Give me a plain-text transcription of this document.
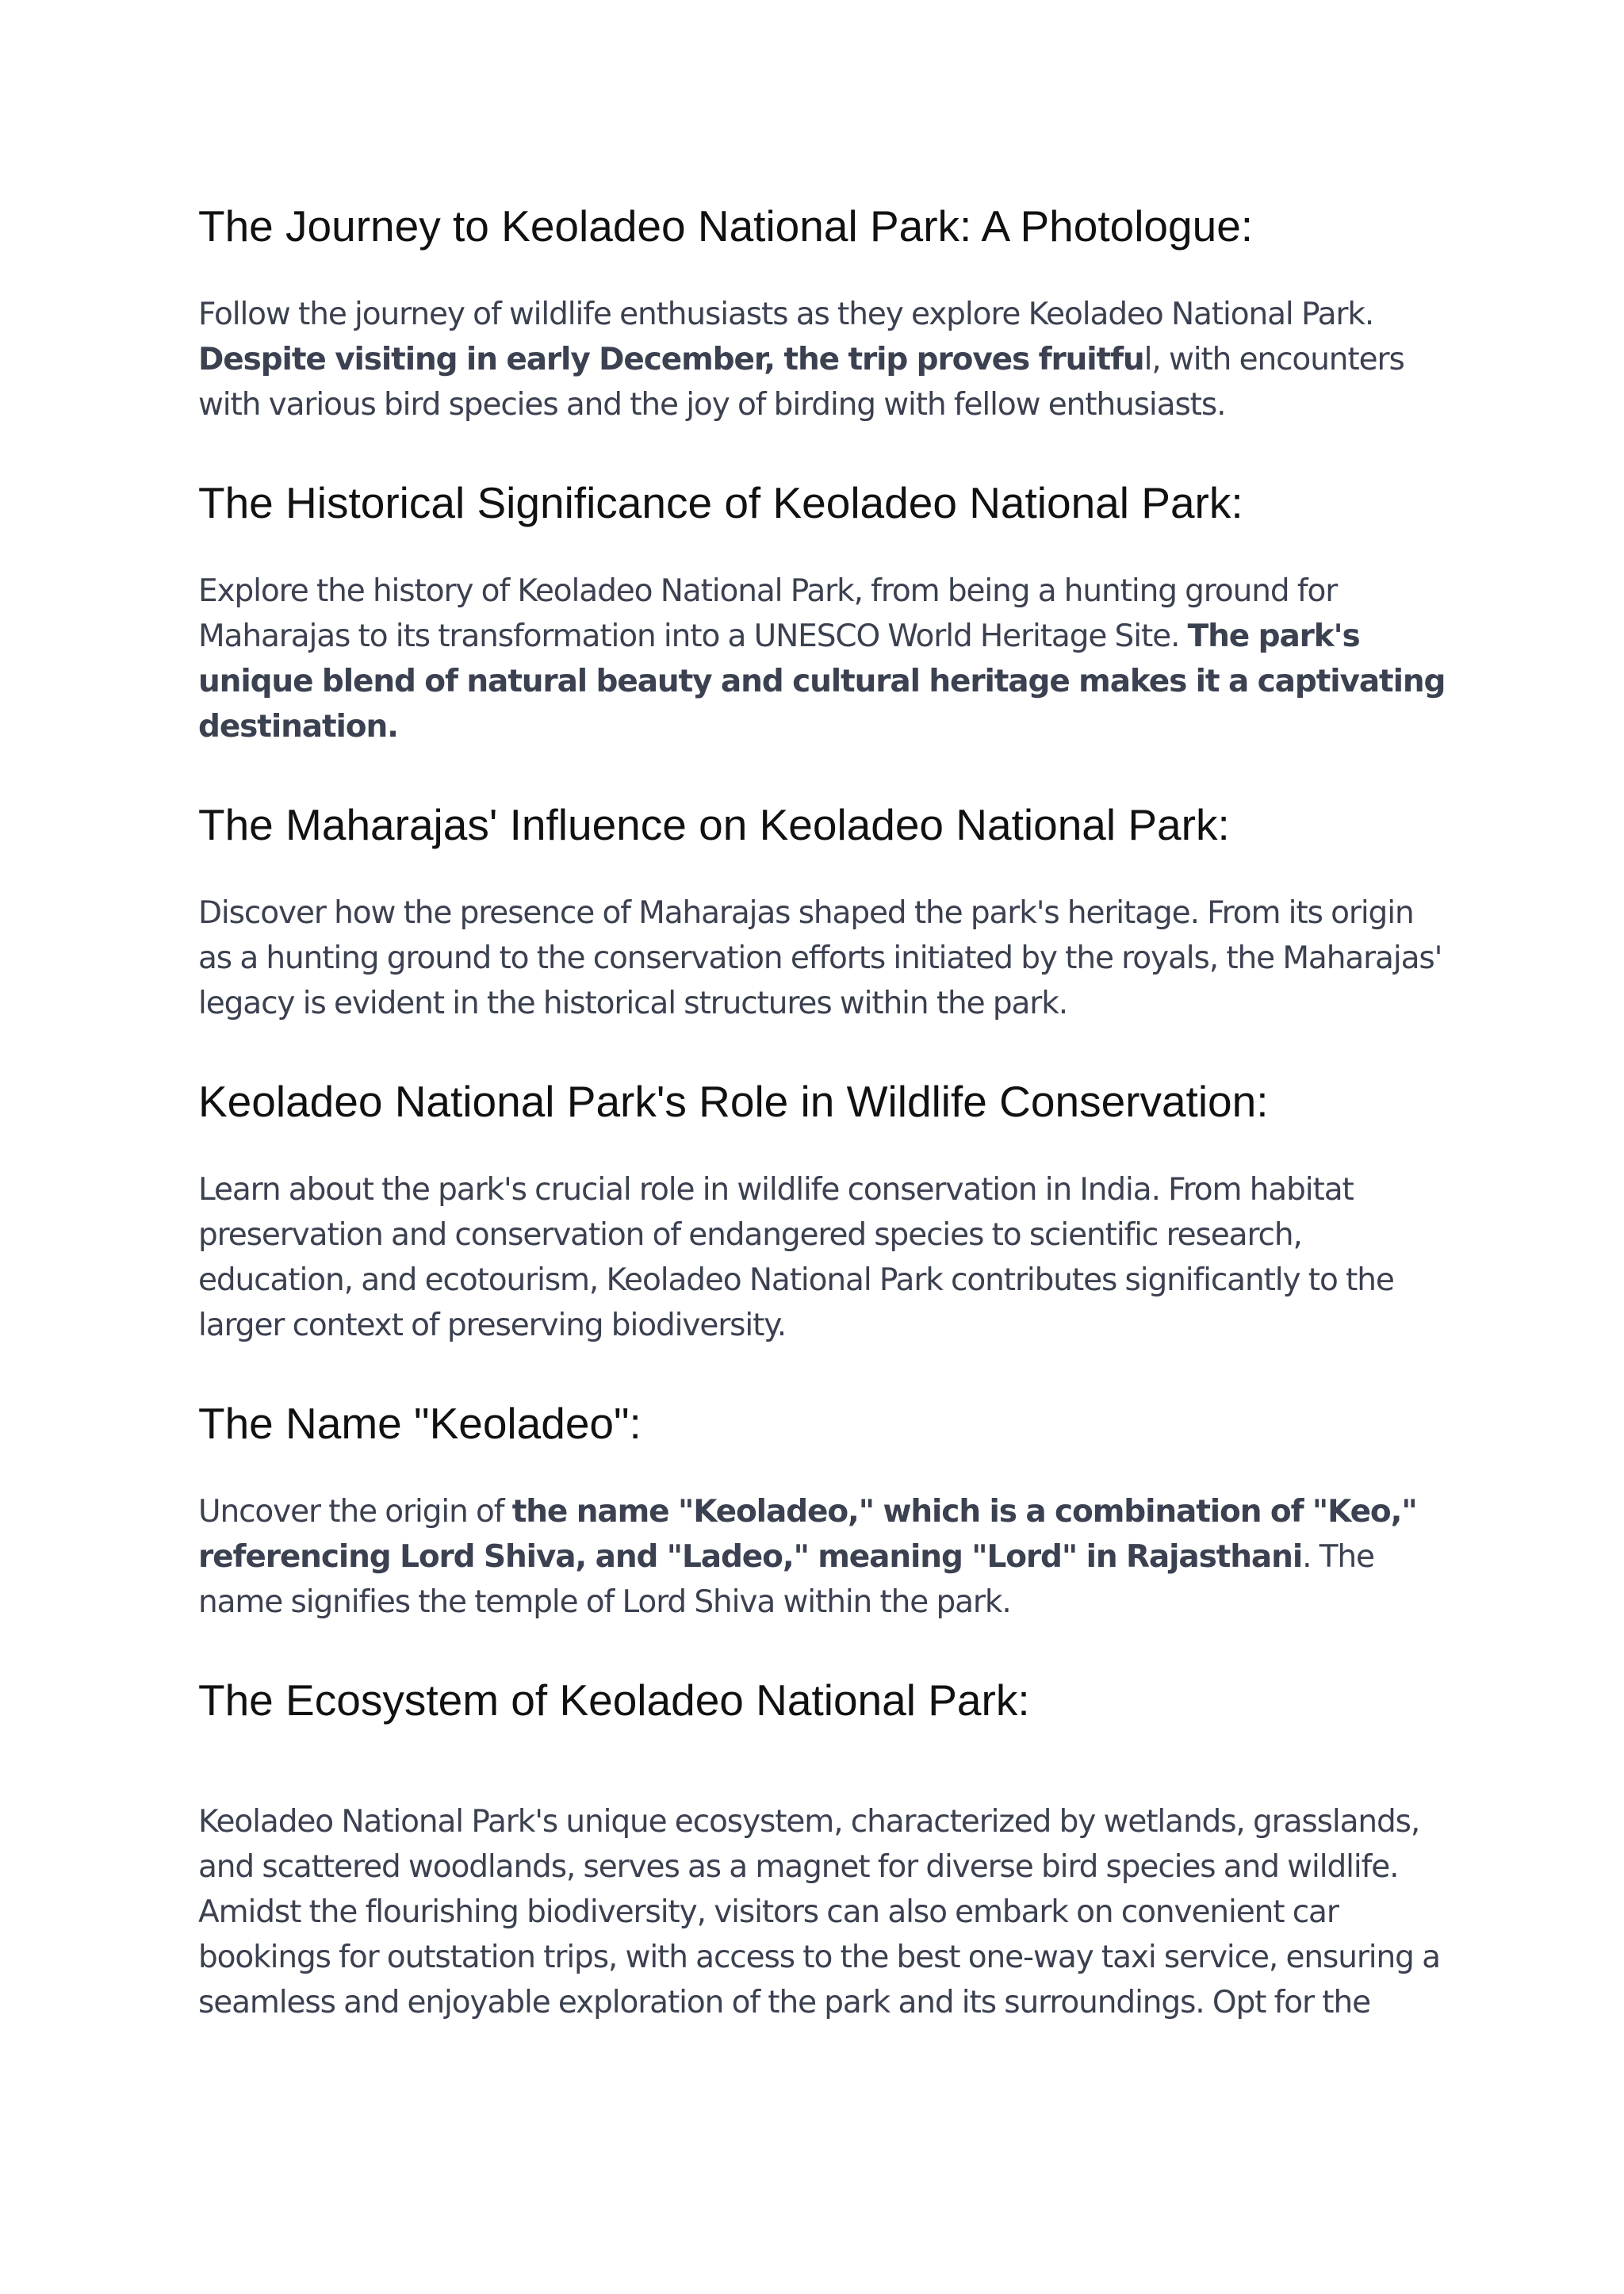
The Journey to Keoladeo National Park: A Photologue:

Follow the journey of wildlife enthusiasts as they explore Keoladeo National Park. Despite visiting in early December, the trip proves fruitful, with encounters with various bird species and the joy of birding with fellow enthusiasts.

The Historical Significance of Keoladeo National Park:

Explore the history of Keoladeo National Park, from being a hunting ground for Maharajas to its transformation into a UNESCO World Heritage Site. The park's unique blend of natural beauty and cultural heritage makes it a captivating destination.

The Maharajas' Influence on Keoladeo National Park:

Discover how the presence of Maharajas shaped the park's heritage. From its origin as a hunting ground to the conservation efforts initiated by the royals, the Maharajas' legacy is evident in the historical structures within the park.

Keoladeo National Park's Role in Wildlife Conservation:

Learn about the park's crucial role in wildlife conservation in India. From habitat preservation and conservation of endangered species to scientific research, education, and ecotourism, Keoladeo National Park contributes significantly to the larger context of preserving biodiversity.

The Name "Keoladeo":

Uncover the origin of the name "Keoladeo," which is a combination of "Keo," referencing Lord Shiva, and "Ladeo," meaning "Lord" in Rajasthani. The name signifies the temple of Lord Shiva within the park.

The Ecosystem of Keoladeo National Park:

Keoladeo National Park's unique ecosystem, characterized by wetlands, grasslands, and scattered woodlands, serves as a magnet for diverse bird species and wildlife. Amidst the flourishing biodiversity, visitors can also embark on convenient car bookings for outstation trips, with access to the best one-way taxi service, ensuring a seamless and enjoyable exploration of the park and its surroundings. Opt for the
